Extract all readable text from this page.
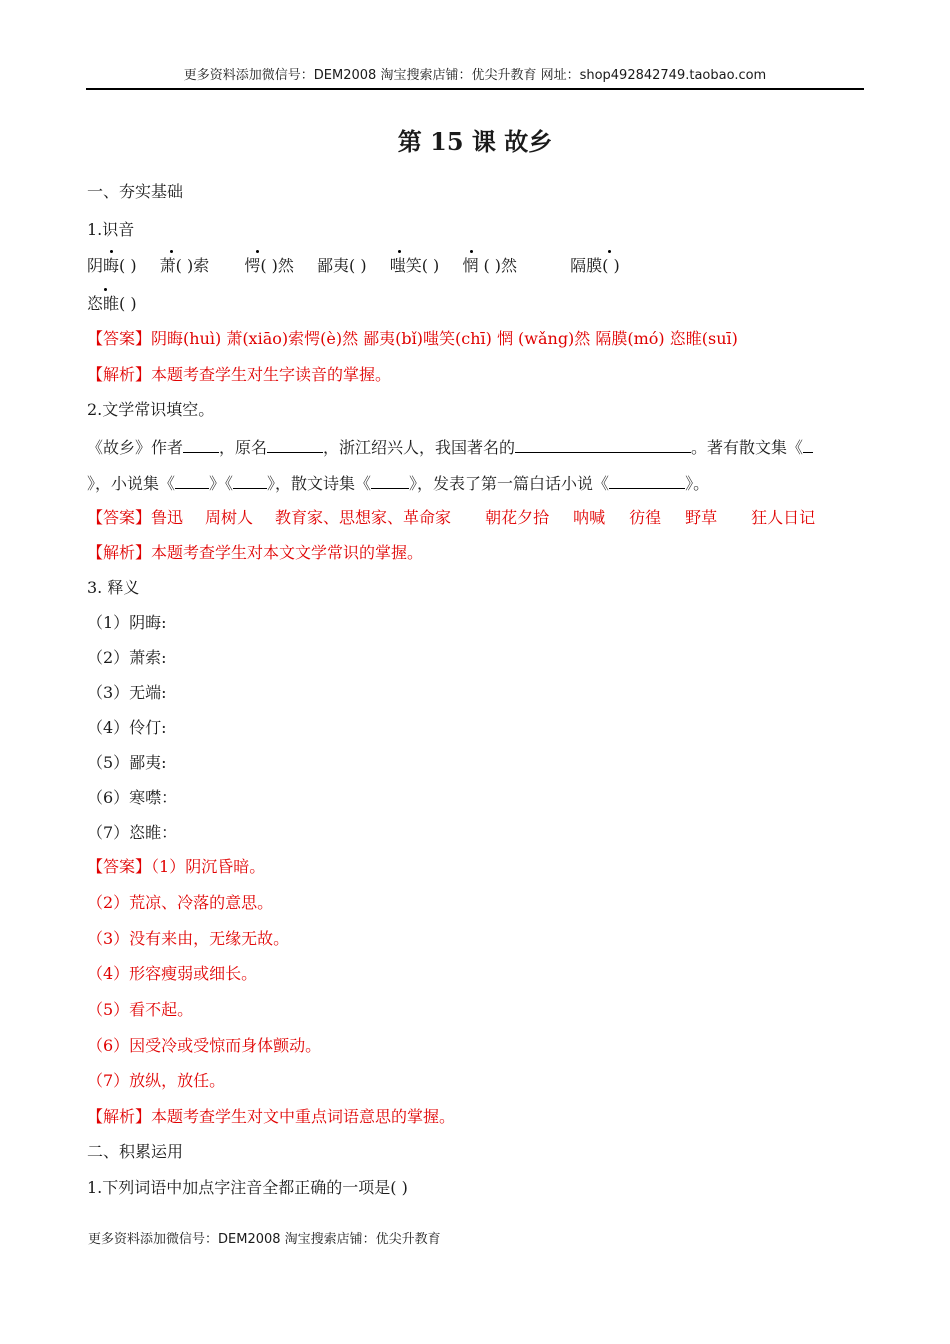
更多资料添加微信号：DEM2008 淘宝搜索店铺：优尖升教育 网址：shop492842749.taobao.com
第 15 课 故乡
一、夯实基础
1.识音
阴晦( ) 萧( )索 愕( )然 鄙夷( ) 嗤笑( ) 惘 ( )然	隔膜( )
恣睢( )
【答案】阴晦(huì) 萧(xiāo)索愕(è)然 鄙夷(bǐ)嗤笑(chī) 惘 (wǎng)然 隔膜(mó) 恣睢(suī)
【解析】本题考查学生对生字读音的掌握。
2.文学常识填空。
《故乡》作者 ，原名	，浙江绍兴人，我国著名的	。著有散文集《
》，小说集《 》《 》，散文诗集《 》，发表了第一篇白话小说《	》。
【答案】鲁迅 周树人 教育家、思想家、革命家 朝花夕拾 呐喊 彷徨 野草 狂人日记
【解析】本题考查学生对本文文学常识的掌握。
3. 释义
（1）阴晦:
（2）萧索:
（3）无端:
（4）伶仃:
（5）鄙夷:
（6）寒噤：
（7）恣睢：
【答案】（1）阴沉昏暗。
（2）荒凉、冷落的意思。
（3）没有来由，无缘无故。
（4）形容瘦弱或细长。
（5）看不起。
（6）因受冷或受惊而身体颤动。
（7）放纵，放任。
【解析】本题考查学生对文中重点词语意思的掌握。
二、积累运用
1.下列词语中加点字注音全都正确的一项是( )
更多资料添加微信号：DEM2008 淘宝搜索店铺：优尖升教育
